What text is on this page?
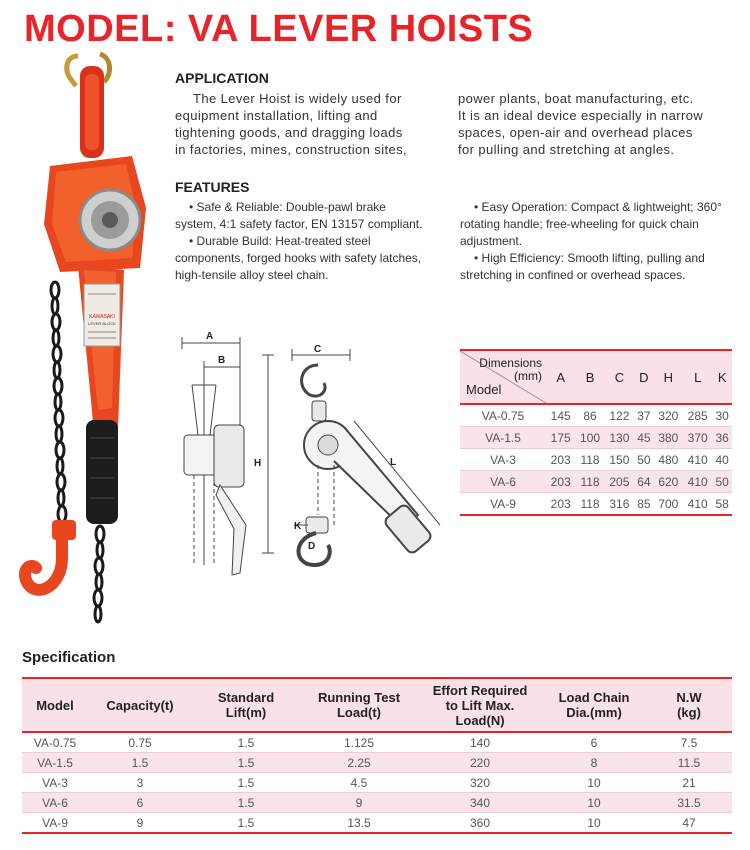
MODEL: VA LEVER HOISTS
KAWASAKI
LEVER BLOCK
APPLICATION
The Lever Hoist is widely used for
equipment installation, lifting and
tightening goods, and dragging loads
in factories, mines, construction sites,
power plants, boat manufacturing, etc.
It is an ideal device especially in narrow
spaces, open-air and overhead places
for pulling and stretching at angles.
FEATURES

• Safe & Reliable: Double-pawl brake system, 4:1 safety factor, EN 13157 compliant.

• Durable Build: Heat-treated steel components, forged hooks with safety latches, high-tensile alloy steel chain.

• Easy Operation: Compact & lightweight; 360° rotating handle; free-wheeling for quick chain adjustment.

• High Efficiency: Smooth lifting, pulling and stretching in confined or overhead spaces.

A
B
C
H	L
K
D
Dimensions
(mm)
Model	A	B	C	D	H	L	K
VA-0.75	145	86	122	37	320	285	30
VA-1.5	175	100	130	45	380	370	36
VA-3	203	118	150	50	480	410	40
VA-6	203	118	205	64	620	410	50
VA-9	203	118	316	85	700	410	58
Specification
Model	Capacity(t)	Standard
Lift(m)	Running Test
Load(t)	Effort Required
to Lift Max.
Load(N)	Load Chain
Dia.(mm)	N.W
(kg)
VA-0.75	0.75	1.5	1.125	140	6	7.5
VA-1.5	1.5	1.5	2.25	220	8	11.5
VA-3	3	1.5	4.5	320	10	21
VA-6	6	1.5	9	340	10	31.5
VA-9	9	1.5	13.5	360	10	47
